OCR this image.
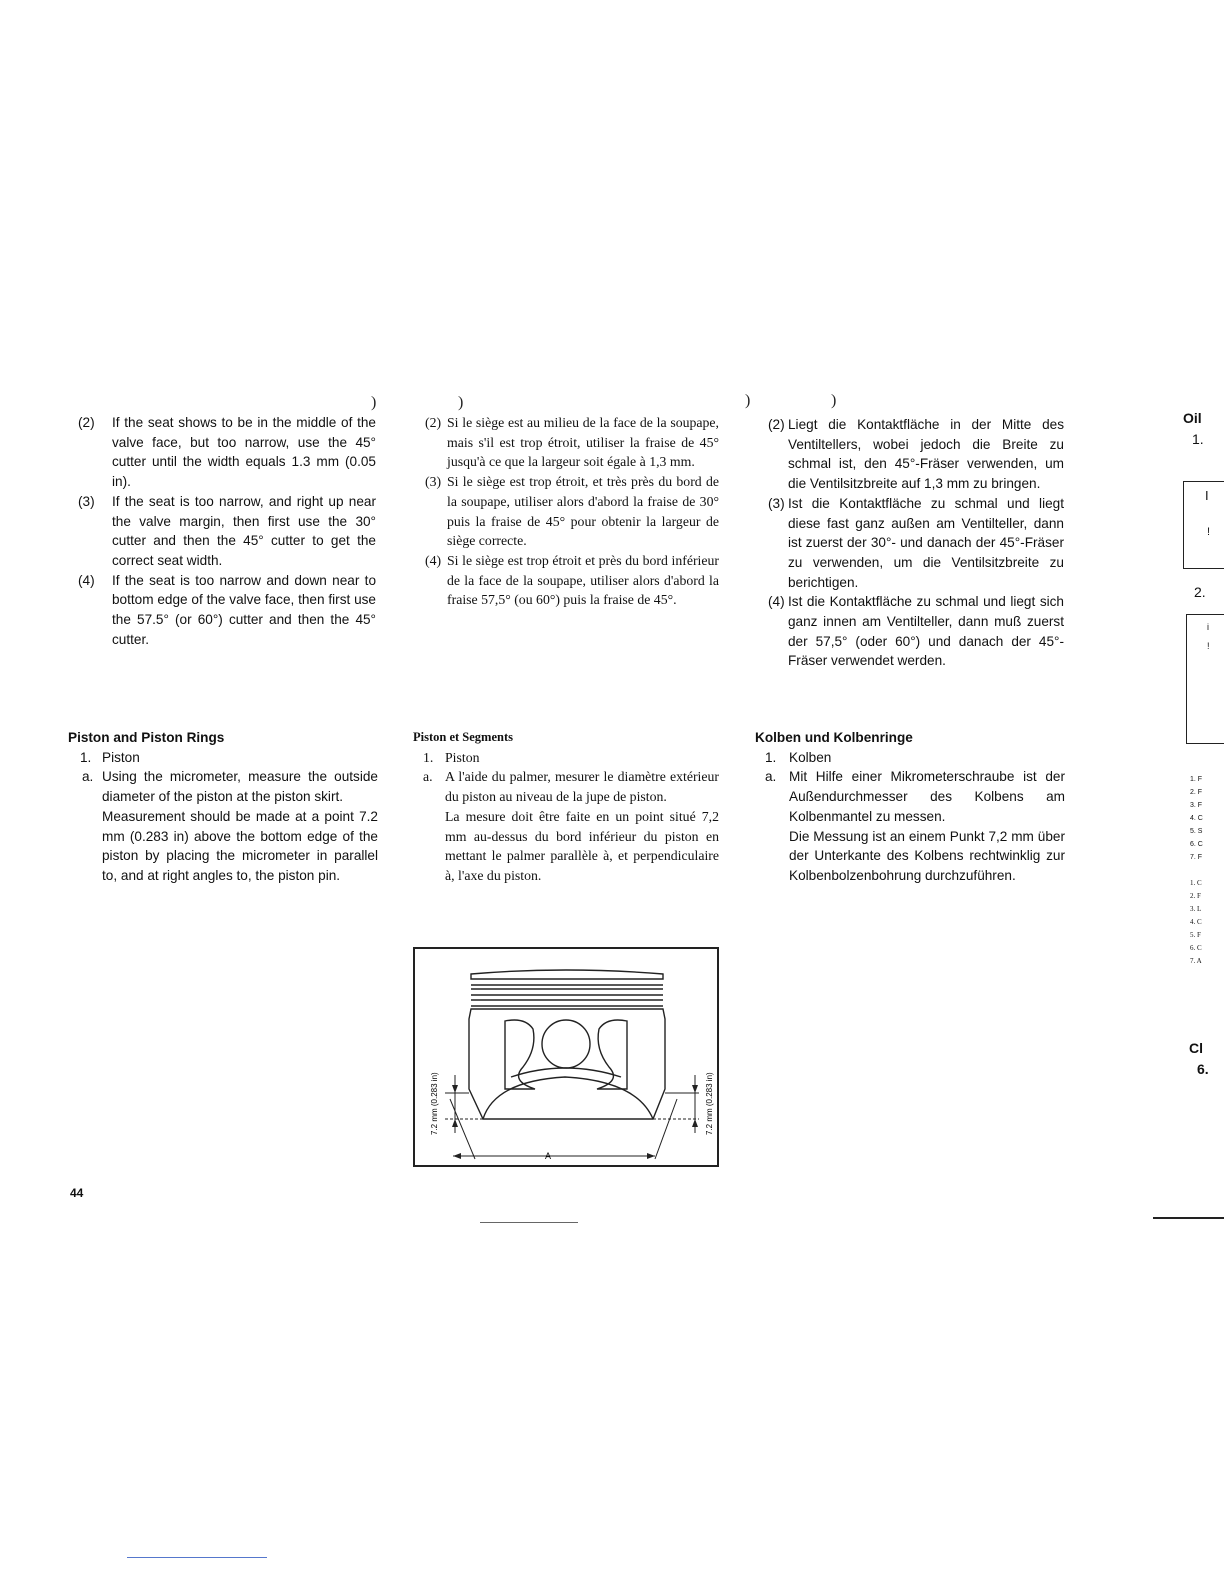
)	)	)	)
(2) If the seat shows to be in the middle of the valve face, but too narrow, use the 45° cutter until the width equals 1.3 mm (0.05 in).
(3) If the seat is too narrow, and right up near the valve margin, then first use the 30° cutter and then the 45° cutter to get the correct seat width.
(4) If the seat is too narrow and down near to bottom edge of the valve face, then first use the 57.5° (or 60°) cutter and then the 45° cutter.
Piston and Piston Rings
1. Piston
a. Using the micrometer, measure the outside diameter of the piston at the piston skirt.
Measurement should be made at a point 7.2 mm (0.283 in) above the bottom edge of the piston by placing the micrometer in parallel to, and at right angles to, the piston pin.
(2) Si le siège est au milieu de la face de la soupape, mais s'il est trop étroit, utiliser la fraise de 45° jusqu'à ce que la largeur soit égale à 1,3 mm.
(3) Si le siège est trop étroit, et très près du bord de la soupape, utiliser alors d'abord la fraise de 30° puis la fraise de 45° pour obtenir la largeur de siège correcte.
(4) Si le siège est trop étroit et près du bord inférieur de la face de la soupape, utiliser alors d'abord la fraise 57,5° (ou 60°) puis la fraise de 45°.
Piston et Segments
1. Piston
a. A l'aide du palmer, mesurer le diamètre extérieur du piston au niveau de la jupe de piston.
La mesure doit être faite en un point situé 7,2 mm au-dessus du bord inférieur du piston en mettant le palmer parallèle à, et perpendiculaire à, l'axe du piston.
(2) Liegt die Kontaktfläche in der Mitte des Ventiltellers, wobei jedoch die Breite zu schmal ist, den 45°-Fräser verwenden, um die Ventilsitzbreite auf 1,3 mm zu bringen.
(3) Ist die Kontaktfläche zu schmal und liegt diese fast ganz außen am Ventilteller, dann ist zuerst der 30°- und danach der 45°-Fräser zu verwenden, um die Ventilsitzbreite zu berichtigen.
(4) Ist die Kontaktfläche zu schmal und liegt sich ganz innen am Ventilteller, dann muß zuerst der 57,5° (oder 60°) und danach der 45°-Fräser verwendet werden.
Kolben und Kolbenringe
1. Kolben
a. Mit Hilfe einer Mikrometerschraube ist der Außendurchmesser des Kolbens am Kolbenmantel zu messen.
Die Messung ist an einem Punkt 7,2 mm über der Unterkante des Kolbens rechtwinklig zur Kolbenbolzenbohrung durchzuführen.
A
7.2 mm (0.283 in)	7.2 mm (0.283 in)
44
Oil
1.
I
!
2.
i
!
1. F
2. F
3. F
4. C
5. S
6. C
7. F
1. C
2. F
3. L
4. C
5. F
6. C
7. A
Cl
6.
